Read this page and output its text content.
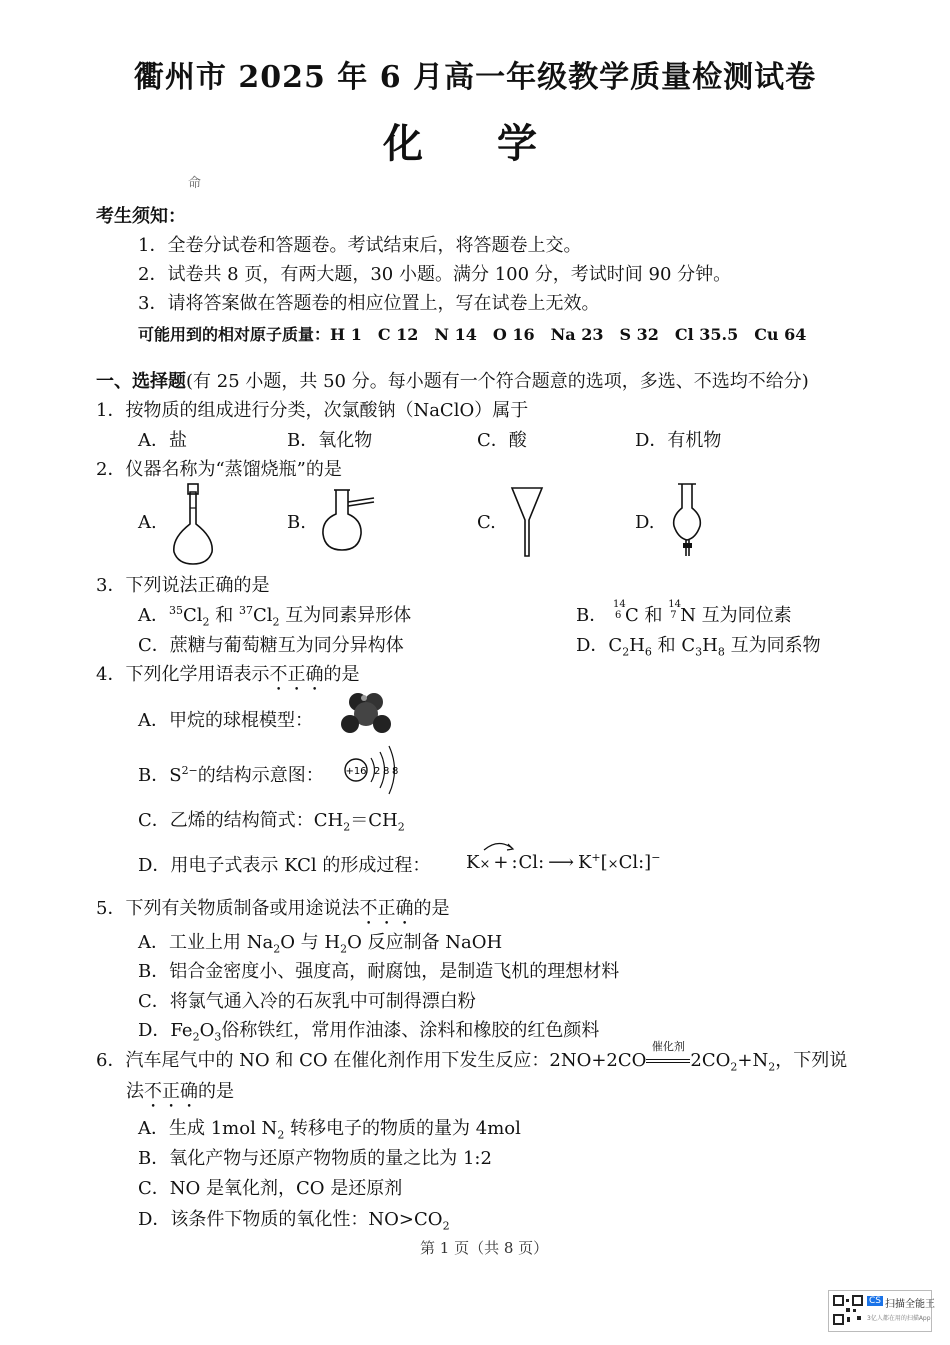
衢州市 2025 年 6 月高一年级教学质量检测试卷
化 学
命
考生须知：
1．全卷分试卷和答题卷。考试结束后，将答题卷上交。
2．试卷共 8 页，有两大题，30 小题。满分 100 分，考试时间 90 分钟。
3．请将答案做在答题卷的相应位置上，写在试卷上无效。
可能用到的相对原子质量：H 1　C 12　N 14　O 16　Na 23　S 32　Cl 35.5　Cu 64
一、选择题(有 25 小题，共 50 分。每小题有一个符合题意的选项，多选、不选均不给分)
1．按物质的组成进行分类，次氯酸钠（NaClO）属于
A．盐	B．氧化物	C．酸	D．有机物
2．仪器名称为“蒸馏烧瓶”的是
A.	B.	C.	D.
3．下列说法正确的是
A．$^{35}Cl_2$ 和 $^{37}Cl_2$ 互为同素异形体	B．
14
6 C 和
14
7 N 互为同位素
C．蔗糖与葡萄糖互为同分异构体	D．$C_2H_6$ 和 $C_3H_8$ 互为同系物
4．下列化学用语表示不正确的是
A．甲烷的球棍模型：
B．$S^{2-}$的结构示意图： +16 2 8 8
C．乙烯的结构简式：$CH_2=CH_2$
D．用电子式表示 KCl 的形成过程： K× + :Cl: ⟶ K+[×Cl:]−
5．下列有关物质制备或用途说法不正确的是
A．工业上用 $Na_2O$ 与 $H_2O$ 反应制备 NaOH
B．铝合金密度小、强度高，耐腐蚀，是制造飞机的理想材料
C．将氯气通入冷的石灰乳中可制得漂白粉
D．$Fe_2O_3$俗称铁红，常用作油漆、涂料和橡胶的红色颜料
6．汽车尾气中的 NO 和 CO 在催化剂作用下发生反应：2NO+2CO
催化剂
$2CO_2+N_2$，下列说
法不正确的是
A．生成 1mol $N_2$ 转移电子的物质的量为 4mol
B．氧化产物与还原产物物质的量之比为 1:2
C．NO 是氧化剂，CO 是还原剂
D．该条件下物质的氧化性：$NO>CO_2$
第 1 页（共 8 页）
CS 扫描全能王
3亿人都在用的扫描App
